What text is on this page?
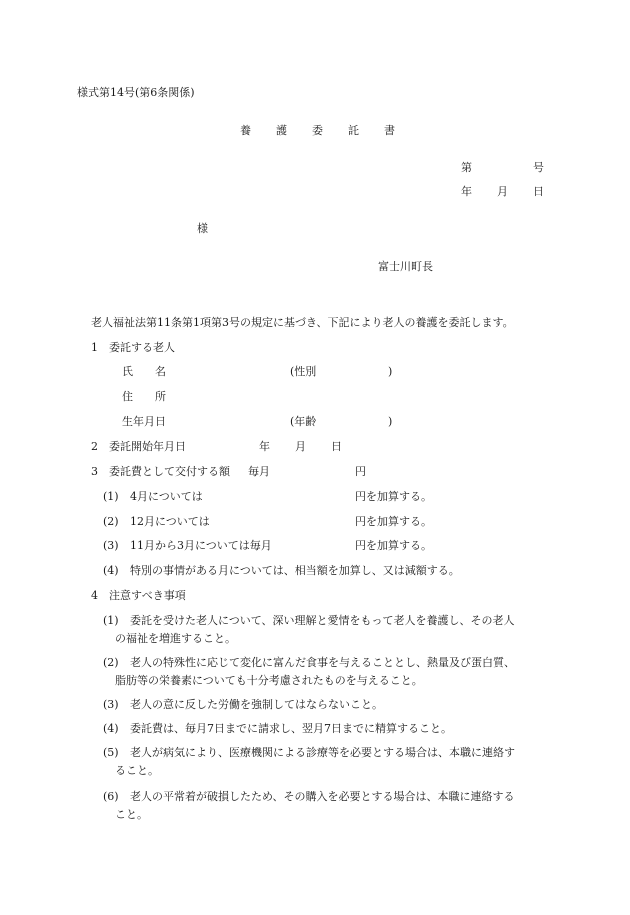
様式第14号(第6条関係)
養 護 委 託 書
第	号
年 月 日
様
富士川町長
老人福祉法第11条第1項第3号の規定に基づき、下記により老人の養護を委託します。
1　委託する老人
氏　　名	(性別	)
住　　所
生年月日	(年齢	)
2　委託開始年月日	年 月 日
3　委託費として交付する額 毎月	円
(1) 4月については	円を加算する。
(2) 12月については	円を加算する。
(3) 11月から3月については毎月	円を加算する。
(4) 特別の事情がある月については、相当額を加算し、又は減額する。
4　注意すべき事項
(1) 委託を受けた老人について、深い理解と愛情をもって老人を養護し、その老人
の福祉を増進すること。
(2) 老人の特殊性に応じて変化に富んだ食事を与えることとし、熱量及び蛋白質、
脂肪等の栄養素についても十分考慮されたものを与えること。
(3) 老人の意に反した労働を強制してはならないこと。
(4) 委託費は、毎月7日までに請求し、翌月7日までに精算すること。
(5) 老人が病気により、医療機関による診療等を必要とする場合は、本職に連絡す
ること。
(6) 老人の平常着が破損したため、その購入を必要とする場合は、本職に連絡する
こと。
